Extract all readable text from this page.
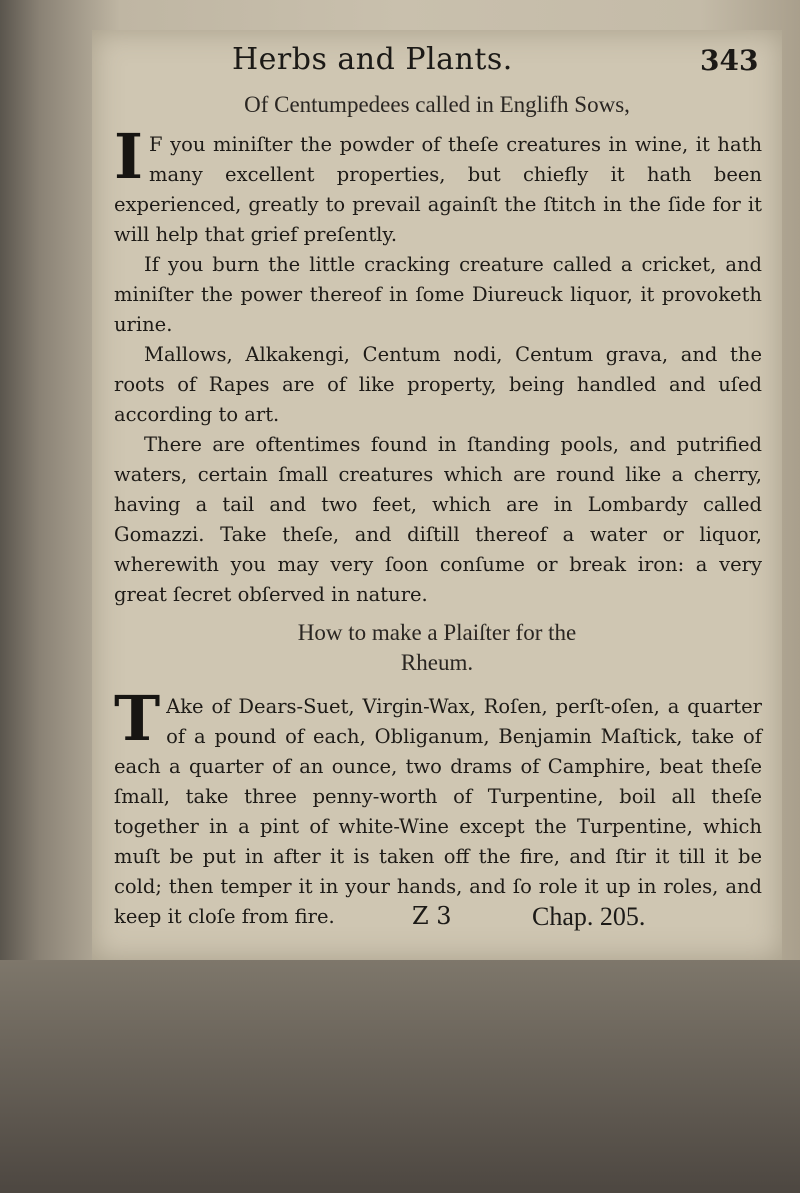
Herbs and Plants.	343
Of Centumpedees called in Englifh Sows,

I F you miniſter the powder of theſe creatures in wine, it hath many excellent properties, but chiefly it hath been experienced, greatly to prevail againſt the ſtitch in the ſide for it will help that grief preſently.

If you burn the little cracking creature called a cricket, and miniſter the power thereof in ſome Diureuck liquor, it provoketh urine.

Mallows, Alkakengi, Centum nodi, Centum grava, and the roots of Rapes are of like property, being handled and uſed according to art.

There are oftentimes found in ſtanding pools, and putrified waters, certain ſmall creatures which are round like a cherry, having a tail and two feet, which are in Lombardy called Gomazzi. Take theſe, and diſtill thereof a water or liquor, wherewith you may very ſoon conſume or break iron: a very great ſecret obſerved in nature.

How to make a Plaiſter for the
Rheum.

T Ake of Dears-Suet, Virgin-Wax, Roſen, perſt-oſen, a quarter of a pound of each, Obliganum, Benjamin Maſtick, take of each a quarter of an ounce, two drams of Camphire, beat theſe ſmall, take three penny-worth of Turpentine, boil all theſe together in a pint of white-Wine except the Turpentine, which muſt be put in after it is taken off the fire, and ſtir it till it be cold; then temper it in your hands, and ſo role it up in roles, and keep it cloſe from fire.	Z 3	Chap. 205.
